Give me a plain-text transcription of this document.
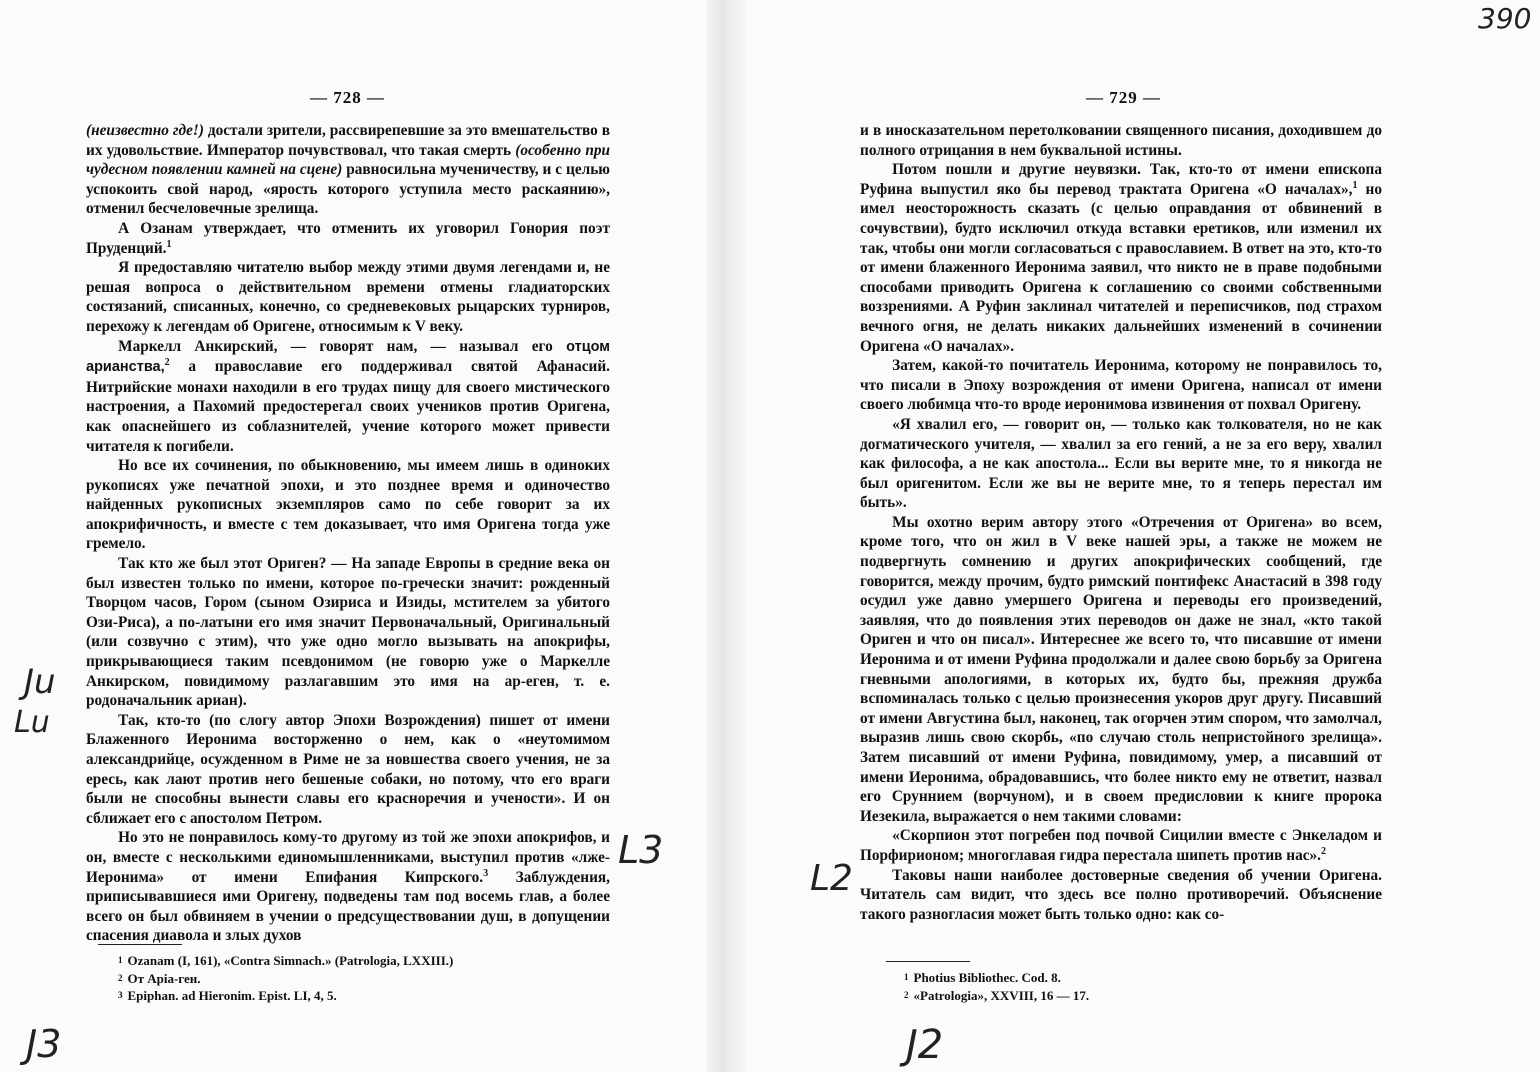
— 728 —

(неизвестно где!) достали зрители, рассвирепевшие за это вмешательство в их удовольствие. Император почувствовал, что такая смерть (особенно при чудесном появлении камней на сцене) равносильна мученичеству, и с целью успокоить свой народ, «ярость которого уступила место раскаянию», отменил бесчеловечные зрелища.

А Озанам утверждает, что отменить их уговорил Гонория поэт Пруденций.$^1$

Я предоставляю читателю выбор между этими двумя легендами и, не решая вопроса о действительном времени отмены гладиаторских состязаний, списанных, конечно, со средневековых рыцарских турниров, перехожу к легендам об Оригене, относимым к V веку.

Маркелл Анкирский, — говорят нам, — называл его отцом арианства,$^2$ а православие его поддерживал святой Афанасий. Нитрийские монахи находили в его трудах пищу для своего мистического настроения, а Пахомий предостерегал своих учеников против Оригена, как опаснейшего из соблазнителей, учение которого может привести читателя к погибели.

Но все их сочинения, по обыкновению, мы имеем лишь в одиноких рукописях уже печатной эпохи, и это позднее время и одиночество найденных рукописных экземпляров само по себе говорит за их апокрифичность, и вместе с тем доказывает, что имя Оригена тогда уже гремело.

Так кто же был этот Ориген? — На западе Европы в средние века он был известен только по имени, которое по-гречески значит: рожденный Творцом часов, Гором (сыном Озириса и Изиды, мстителем за убитого Ози-Риса), а по-латыни его имя значит Первоначальный, Оригинальный (или созвучно с этим), что уже одно могло вызывать на апокрифы, прикрывающиеся таким псевдонимом (не говорю уже о Маркелле Анкирском, повидимому разлагавшим это имя на ар-еген, т. е. родоначальник ариан).

Так, кто-то (по слогу автор Эпохи Возрождения) пишет от имени Блаженного Иеронима восторженно о нем, как о «неутомимом александрийце, осужденном в Риме не за новшества своего учения, не за ересь, как лают против него бешеные собаки, но потому, что его враги были не способны вынести славы его красноречия и учености». И он сближает его с апостолом Петром.

Но это не понравилось кому-то другому из той же эпохи апокрифов, и он, вместе с несколькими единомышленниками, выступил против «лже-Иеронима» от имени Епифания Кипрского.$^3$ Заблуждения, приписывавшиеся ими Оригену, подведены там под восемь глав, а более всего он был обвиняем в учении о предсуществовании душ, в допущении спасения диавола и злых духов

$^1$ Ozanam (I, 161), «Contra Simnach.» (Patrologia, LXXIII.)
$^2$ От Apia-ген.
$^3$ Epiphan. ad Hieronim. Epist. LI, 4, 5.
Ju
Lu
L3
J3
— 729 —

и в иносказательном перетолковании священного писания, доходившем до полного отрицания в нем буквальной истины.

Потом пошли и другие неувязки. Так, кто-то от имени епископа Руфина выпустил яко бы перевод трактата Оригена «О началах»,$^1$ но имел неосторожность сказать (с целью оправдания от обвинений в сочувствии), будто исключил откуда вставки еретиков, или изменил их так, чтобы они могли согласоваться с православием. В ответ на это, кто-то от имени блаженного Иеронима заявил, что никто не в праве подобными способами приводить Оригена к соглашению со своими собственными воззрениями. А Руфин заклинал читателей и переписчиков, под страхом вечного огня, не делать никаких дальнейших изменений в сочинении Оригена «О началах».

Затем, какой-то почитатель Иеронима, которому не понравилось то, что писали в Эпоху возрождения от имени Оригена, написал от имени своего любимца что-то вроде иеронимова извинения от похвал Оригену.

«Я хвалил его, — говорит он, — только как толкователя, но не как догматического учителя, — хвалил за его гений, а не за его веру, хвалил как философа, а не как апостола... Если вы верите мне, то я никогда не был оригенитом. Если же вы не верите мне, то я теперь перестал им быть».

Мы охотно верим автору этого «Отречения от Оригена» во всем, кроме того, что он жил в V веке нашей эры, а также не можем не подвергнуть сомнению и других апокрифических сообщений, где говорится, между прочим, будто римский понтифекс Анастасий в 398 году осудил уже давно умершего Оригена и переводы его произведений, заявляя, что до появления этих переводов он даже не знал, «кто такой Ориген и что он писал». Интереснее же всего то, что писавшие от имени Иеронима и от имени Руфина продолжали и далее свою борьбу за Оригена гневными апологиями, в которых их, будто бы, прежняя дружба вспоминалась только с целью произнесения укоров друг другу. Писавший от имени Августина был, наконец, так огорчен этим спором, что замолчал, выразив лишь свою скорбь, «по случаю столь непристойного зрелища». Затем писавший от имени Руфина, повидимому, умер, а писавший от имени Иеронима, обрадовавшись, что более никто ему не ответит, назвал его Сруннием (ворчуном), и в своем предисловии к книге пророка Иезекила, выражается о нем такими словами:

«Скорпион этот погребен под почвой Сицилии вместе с Энкеладом и Порфирионом; многоглавая гидра перестала шипеть против нас».$^2$

Таковы наши наиболее достоверные сведения об учении Оригена. Читатель сам видит, что здесь все полно противоречий. Объяснение такого разногласия может быть только одно: как со-

$^1$ Photius Bibliothec. Cod. 8.
$^2$ «Patrologia», XXVIII, 16 — 17.
390
L2
J2
